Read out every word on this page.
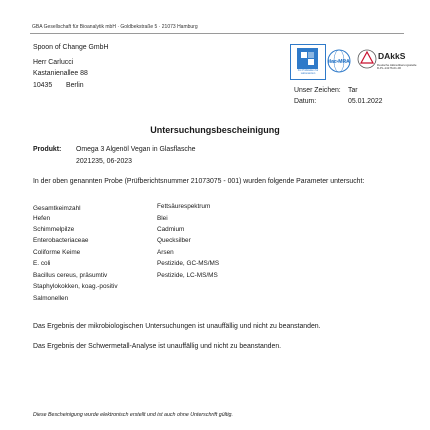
GBA Gesellschaft für Bioanalytik mbH · Goldbekstraße 5 · 21073 Hamburg
Spoon of Change GmbH
Herr Carlucci
Kastanienallee 88
10435 Berlin
Für Prüfstellen für Laboratorien
ilac-MRA
DAkkS
Deutsche Akkreditierungsstelle D-PL-14176-01-00
Unser Zeichen: Tar
Datum:	05.01.2022
Untersuchungsbescheinigung
Produkt: Omega 3 Algenöl Vegan in Glasflasche
2021235, 06-2023
In der oben genannten Probe (Prüfberichtsnummer 21073075 - 001) wurden folgende Parameter untersucht:
Gesamtkeimzahl
Hefen
Schimmelpilze
Enterobacteriaceae
Coliforme Keime
E. coli
Bacillus cereus, präsumtiv
Staphylokokken, koag.-positiv
Salmonellen
Fettsäurespektrum
Blei
Cadmium
Quecksilber
Arsen
Pestizide, GC-MS/MS
Pestizide, LC-MS/MS
Das Ergebnis der mikrobiologischen Untersuchungen ist unauffällig und nicht zu beanstanden.
Das Ergebnis der Schwermetall-Analyse ist unauffällig und nicht zu beanstanden.
Diese Bescheinigung wurde elektronisch erstellt und ist auch ohne Unterschrift gültig.
